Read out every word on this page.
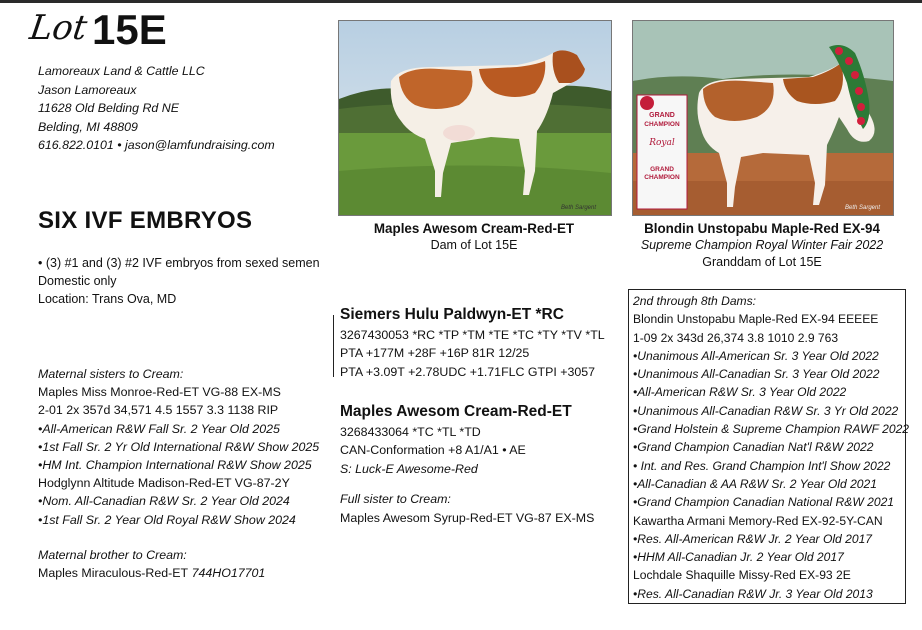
Lot 15E
Lamoreaux Land & Cattle LLC
Jason Lamoreaux
11628 Old Belding Rd NE
Belding, MI 48809
616.822.0101 • jason@lamfundraising.com
SIX IVF EMBRYOS
• (3) #1 and (3) #2 IVF embryos from sexed semen
Domestic only
Location: Trans Ova, MD
Maternal sisters to Cream:
Maples Miss Monroe-Red-ET VG-88 EX-MS
2-01 2x 357d 34,571 4.5 1557 3.3 1138 RIP
•All-American R&W Fall Sr. 2 Year Old 2025
•1st Fall Sr. 2 Yr Old International R&W Show 2025
•HM Int. Champion International R&W Show 2025
Hodglynn Altitude Madison-Red-ET VG-87-2Y
•Nom. All-Canadian R&W Sr. 2 Year Old 2024
•1st Fall Sr. 2 Year Old Royal R&W Show 2024
Maternal brother to Cream:
Maples Miraculous-Red-ET 744HO17701
Beth Sargent
Maples Awesom Cream-Red-ET
Dam of Lot 15E
GRAND
CHAMPION
Royal
GRAND
CHAMPION
Beth Sargent
Blondin Unstopabu Maple-Red EX-94
Supreme Champion Royal Winter Fair 2022
Granddam of Lot 15E
Siemers Hulu Paldwyn-ET *RC
3267430053 *RC *TP *TM *TE *TC *TY *TV *TL
PTA +177M +28F +16P 81R 12/25
PTA +3.09T +2.78UDC +1.71FLC GTPI +3057
Maples Awesom Cream-Red-ET
3268433064 *TC *TL *TD
CAN-Conformation +8 A1/A1 • AE
S: Luck-E Awesome-Red
Full sister to Cream:
Maples Awesom Syrup-Red-ET VG-87 EX-MS
2nd through 8th Dams:
Blondin Unstopabu Maple-Red EX-94 EEEEE
1-09 2x 343d 26,374 3.8 1010 2.9 763
•Unanimous All-American Sr. 3 Year Old 2022
•Unanimous All-Canadian Sr. 3 Year Old 2022
•All-American R&W Sr. 3 Year Old 2022
•Unanimous All-Canadian R&W Sr. 3 Yr Old 2022
•Grand Holstein & Supreme Champion RAWF 2022
•Grand Champion Canadian Nat'l R&W 2022
• Int. and Res. Grand Champion Int'l Show 2022
•All-Canadian & AA R&W Sr. 2 Year Old 2021
•Grand Champion Canadian National R&W 2021
Kawartha Armani Memory-Red EX-92-5Y-CAN
•Res. All-American R&W Jr. 2 Year Old 2017
•HHM All-Canadian Jr. 2 Year Old 2017
Lochdale Shaquille Missy-Red EX-93 2E
•Res. All-Canadian R&W Jr. 3 Year Old 2013
